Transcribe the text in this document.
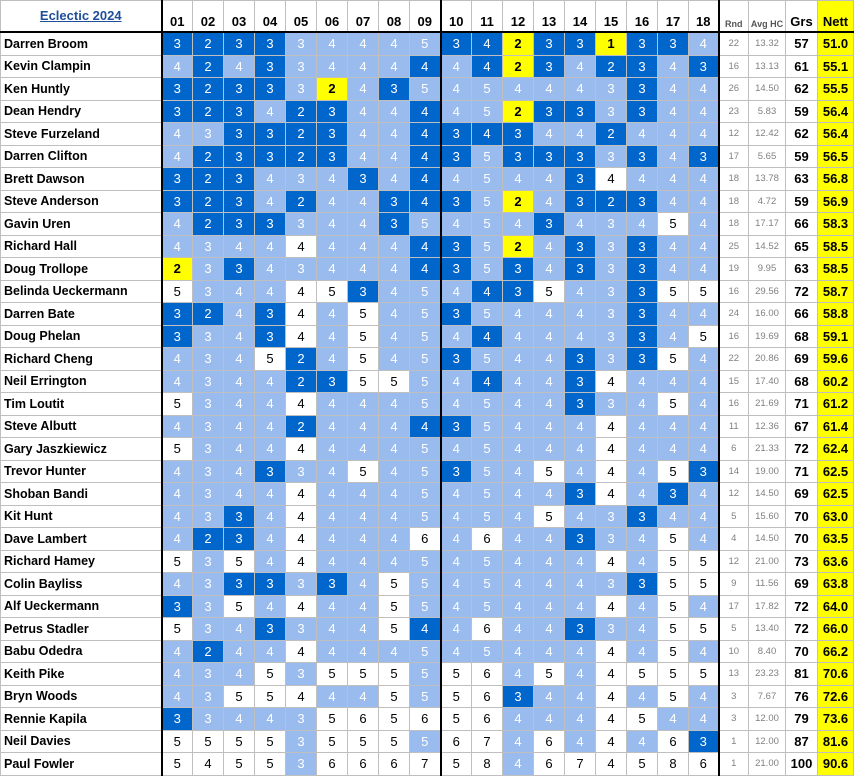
Eclectic 2024	01	02	03	04	05	06	07	08	09	10	11	12	13	14	15	16	17	18	Rnd	Avg HC	Grs	Nett
Darren Broom	3	2	3	3	3	4	4	4	5	3	4	2	3	3	1	3	3	4	22	13.32	57	51.0
Kevin Clampin	4	2	4	3	3	4	4	4	4	4	4	2	3	4	2	3	4	3	16	13.13	61	55.1
Ken Huntly	3	2	3	3	3	2	4	3	5	4	5	4	4	4	3	3	4	4	26	14.50	62	55.5
Dean Hendry	3	2	3	4	2	3	4	4	4	4	5	2	3	3	3	3	4	4	23	5.83	59	56.4
Steve Furzeland	4	3	3	3	2	3	4	4	4	3	4	3	4	4	2	4	4	4	12	12.42	62	56.4
Darren Clifton	4	2	3	3	2	3	4	4	4	3	5	3	3	3	3	3	4	3	17	5.65	59	56.5
Brett Dawson	3	2	3	4	3	4	3	4	4	4	5	4	4	3	4	4	4	4	18	13.78	63	56.8
Steve Anderson	3	2	3	4	2	4	4	3	4	3	5	2	4	3	2	3	4	4	18	4.72	59	56.9
Gavin Uren	4	2	3	3	3	4	4	3	5	4	5	4	3	4	3	4	5	4	18	17.17	66	58.3
Richard Hall	4	3	4	4	4	4	4	4	4	3	5	2	4	3	3	3	4	4	25	14.52	65	58.5
Doug Trollope	2	3	3	4	3	4	4	4	4	3	5	3	4	3	3	3	4	4	19	9.95	63	58.5
Belinda Ueckermann	5	3	4	4	4	5	3	4	5	4	4	3	5	4	3	3	5	5	16	29.56	72	58.7
Darren Bate	3	2	4	3	4	4	5	4	5	3	5	4	4	4	3	3	4	4	24	16.00	66	58.8
Doug Phelan	3	3	4	3	4	4	5	4	5	4	4	4	4	4	3	3	4	5	16	19.69	68	59.1
Richard Cheng	4	3	4	5	2	4	5	4	5	3	5	4	4	3	3	3	5	4	22	20.86	69	59.6
Neil Errington	4	3	4	4	2	3	5	5	5	4	4	4	4	3	4	4	4	4	15	17.40	68	60.2
Tim Loutit	5	3	4	4	4	4	4	4	5	4	5	4	4	3	3	4	5	4	16	21.69	71	61.2
Steve Albutt	4	3	4	4	2	4	4	4	4	3	5	4	4	4	4	4	4	4	11	12.36	67	61.4
Gary Jaszkiewicz	5	3	4	4	4	4	4	4	5	4	5	4	4	4	4	4	4	4	6	21.33	72	62.4
Trevor Hunter	4	3	4	3	3	4	5	4	5	3	5	4	5	4	4	4	5	3	14	19.00	71	62.5
Shoban Bandi	4	3	4	4	4	4	4	4	5	4	5	4	4	3	4	4	3	4	12	14.50	69	62.5
Kit Hunt	4	3	3	4	4	4	4	4	5	4	5	4	5	4	3	3	4	4	5	15.60	70	63.0
Dave Lambert	4	2	3	4	4	4	4	4	6	4	6	4	4	3	3	4	5	4	4	14.50	70	63.5
Richard Hamey	5	3	5	4	4	4	4	4	5	4	5	4	4	4	4	4	5	5	12	21.00	73	63.6
Colin Bayliss	4	3	3	3	3	3	4	5	5	4	5	4	4	4	3	3	5	5	9	11.56	69	63.8
Alf Ueckermann	3	3	5	4	4	4	4	5	5	4	5	4	4	4	4	4	5	4	17	17.82	72	64.0
Petrus Stadler	5	3	4	3	3	4	4	5	4	4	6	4	4	3	3	4	5	5	5	13.40	72	66.0
Babu Odedra	4	2	4	4	4	4	4	4	5	4	5	4	4	4	4	4	5	4	10	8.40	70	66.2
Keith Pike	4	3	4	5	3	5	5	5	5	5	6	4	5	4	4	5	5	5	13	23.23	81	70.6
Bryn Woods	4	3	5	5	4	4	4	5	5	5	6	3	4	4	4	4	5	4	3	7.67	76	72.6
Rennie Kapila	3	3	4	4	3	5	6	5	6	5	6	4	4	4	4	5	4	4	3	12.00	79	73.6
Neil Davies	5	5	5	5	3	5	5	5	5	6	7	4	6	4	4	4	6	3	1	12.00	87	81.6
Paul Fowler	5	4	5	5	3	6	6	6	7	5	8	4	6	7	4	5	8	6	1	21.00	100	90.6
